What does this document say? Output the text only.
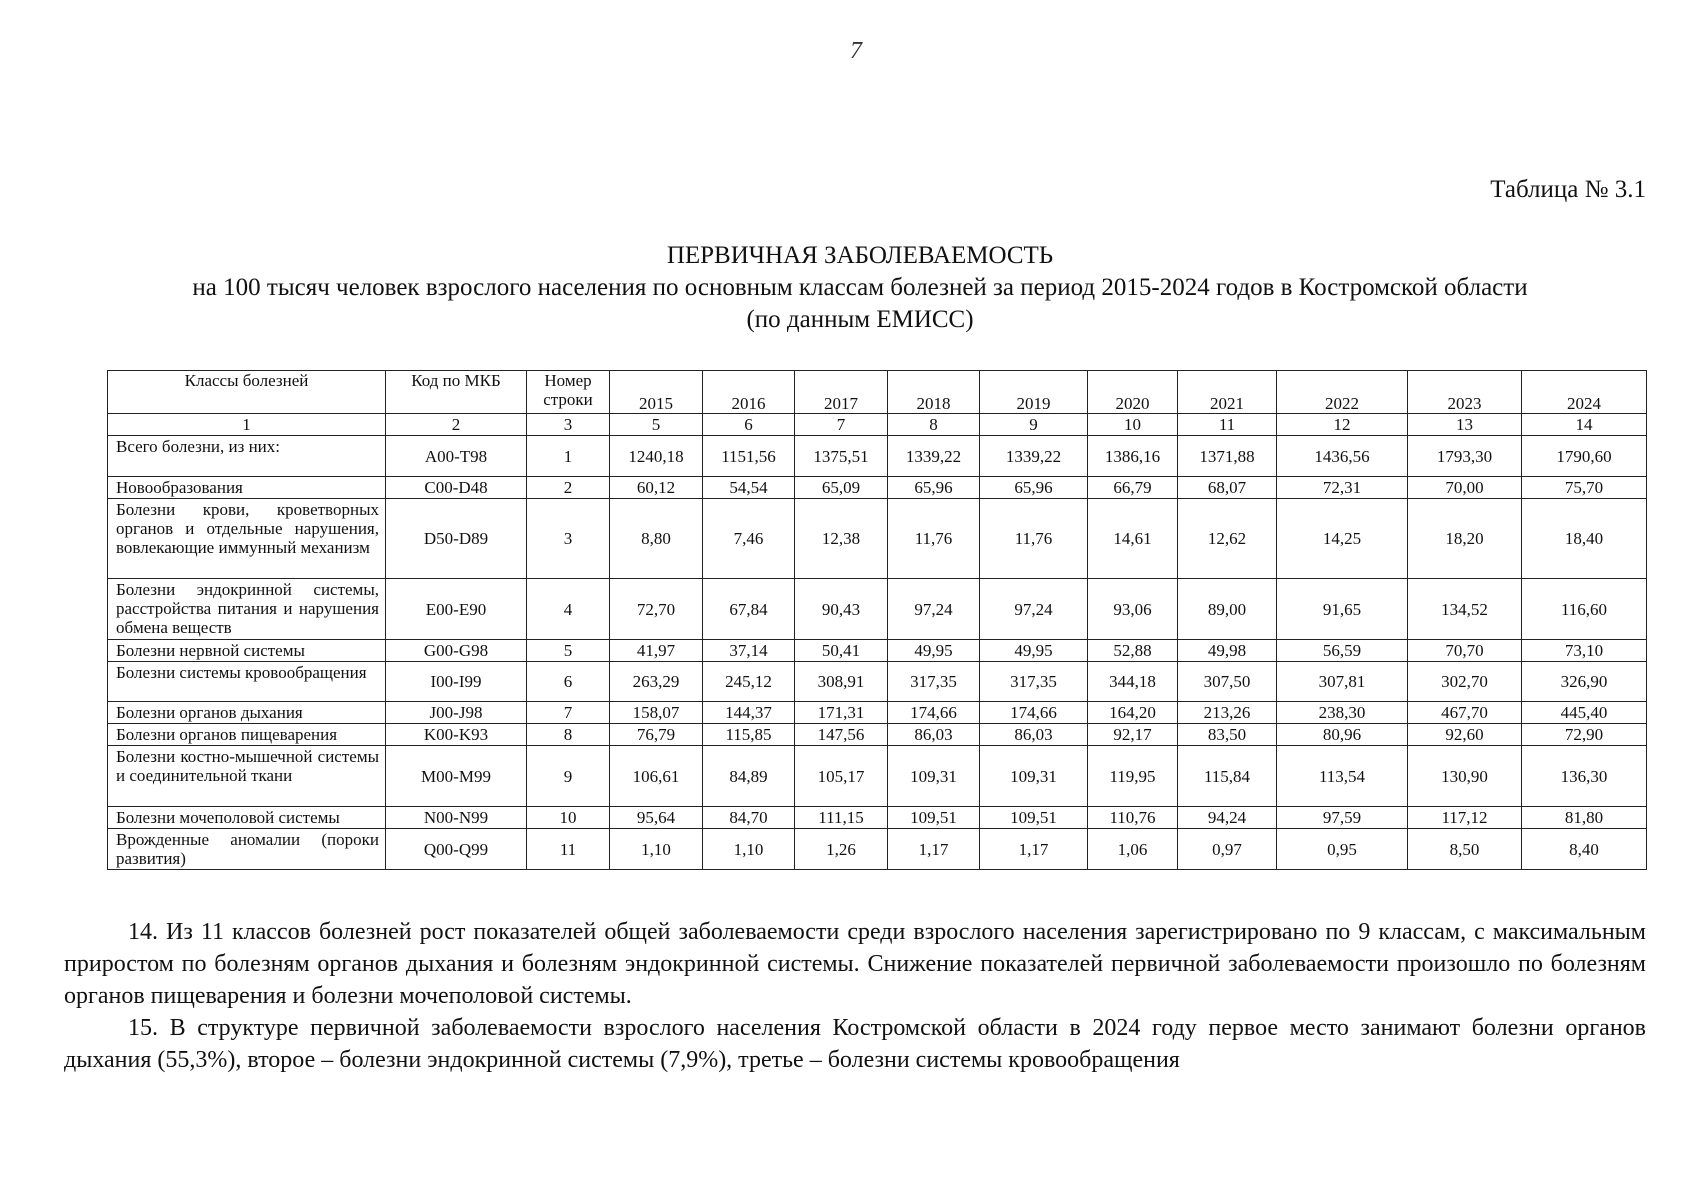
7
Таблица № 3.1
ПЕРВИЧНАЯ ЗАБОЛЕВАЕМОСТЬ
на 100 тысяч человек взрослого населения по основным классам болезней за период 2015-2024 годов в Костромской области
(по данным ЕМИСС)
Классы болезней	Код по МКБ	Номер строки	2015	2016	2017	2018	2019	2020	2021	2022	2023	2024
1	2	3	5	6	7	8	9	10	11	12	13	14
Всего болезни, из них:	A00-T98	1	1240,18	1151,56	1375,51	1339,22	1339,22	1386,16	1371,88	1436,56	1793,30	1790,60
Новообразования	C00-D48	2	60,12	54,54	65,09	65,96	65,96	66,79	68,07	72,31	70,00	75,70
Болезни крови, кроветворных органов и отдельные нарушения, вовлекающие иммунный механизм	D50-D89	3	8,80	7,46	12,38	11,76	11,76	14,61	12,62	14,25	18,20	18,40
Болезни эндокринной системы, расстройства питания и нарушения обмена веществ	E00-E90	4	72,70	67,84	90,43	97,24	97,24	93,06	89,00	91,65	134,52	116,60
Болезни нервной системы	G00-G98	5	41,97	37,14	50,41	49,95	49,95	52,88	49,98	56,59	70,70	73,10
Болезни системы кровообращения	I00-I99	6	263,29	245,12	308,91	317,35	317,35	344,18	307,50	307,81	302,70	326,90
Болезни органов дыхания	J00-J98	7	158,07	144,37	171,31	174,66	174,66	164,20	213,26	238,30	467,70	445,40
Болезни органов пищеварения	K00-K93	8	76,79	115,85	147,56	86,03	86,03	92,17	83,50	80,96	92,60	72,90
Болезни костно-мышечной системы и соединительной ткани	M00-M99	9	106,61	84,89	105,17	109,31	109,31	119,95	115,84	113,54	130,90	136,30
Болезни мочеполовой системы	N00-N99	10	95,64	84,70	111,15	109,51	109,51	110,76	94,24	97,59	117,12	81,80
Врожденные аномалии (пороки развития)	Q00-Q99	11	1,10	1,10	1,26	1,17	1,17	1,06	0,97	0,95	8,50	8,40

14. Из 11 классов болезней рост показателей общей заболеваемости среди взрослого населения зарегистрировано по 9 классам, с максимальным приростом по болезням органов дыхания и болезням эндокринной системы. Снижение показателей первичной заболеваемости произошло по болезням органов пищеварения и болезни мочеполовой системы.

15. В структуре первичной заболеваемости взрослого населения Костромской области в 2024 году первое место занимают болезни органов дыхания (55,3%), второе – болезни эндокринной системы (7,9%), третье – болезни системы кровообращения
